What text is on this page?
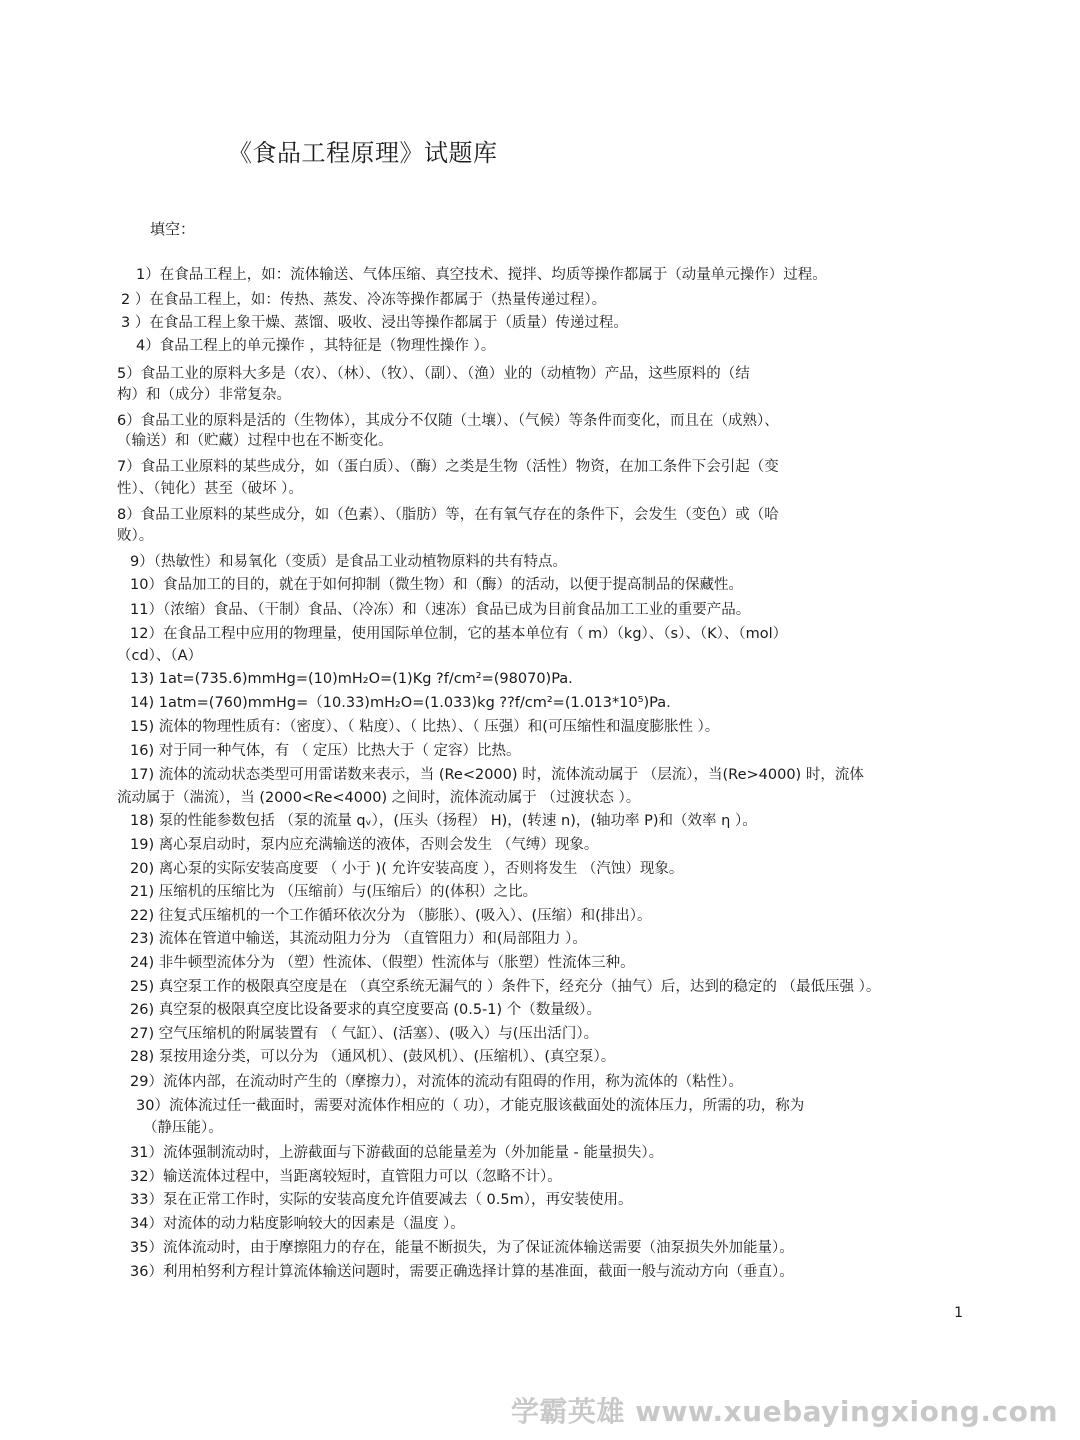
《食品工程原理》试题库
填空：
1）在食品工程上，如：流体输送、气体压缩、真空技术、搅拌、均质等操作都属于（动量单元操作）过程。
2 ）在食品工程上，如：传热、蒸发、冷冻等操作都属于（热量传递过程）。
3 ）在食品工程上象干燥、蒸馏、吸收、浸出等操作都属于（质量）传递过程。
4）食品工程上的单元操作 ，其特征是（物理性操作 ）。
5）食品工业的原料大多是（农）、（林）、（牧）、（副）、（渔）业的（动植物）产品，这些原料的（结
构）和（成分）非常复杂。
6）食品工业的原料是活的（生物体），其成分不仅随（土壤）、（气候）等条件而变化，而且在（成熟）、
（输送）和（贮藏）过程中也在不断变化。
7）食品工业原料的某些成分，如（蛋白质）、（酶）之类是生物（活性）物资，在加工条件下会引起（变
性）、（钝化）甚至（破坏 ）。
8）食品工业原料的某些成分，如（色素）、（脂肪）等，在有氧气存在的条件下，会发生（变色）或（哈
败）。
9）（热敏性）和易氧化（变质）是食品工业动植物原料的共有特点。
10）食品加工的目的，就在于如何抑制（微生物）和（酶）的活动，以便于提高制品的保藏性。
11）（浓缩）食品、（干制）食品、（冷冻）和（速冻）食品已成为目前食品加工工业的重要产品。
12）在食品工程中应用的物理量，使用国际单位制，它的基本单位有（ m）（kg）、（s）、（K）、（mol）
（cd）、（A）
13) 1at=(735.6)mmHg=(10)mH₂O=(1)Kg ?f/cm²=(98070)Pa.
14) 1atm=(760)mmHg=（10.33)mH₂O=(1.033)kg ??f/cm²=(1.013*10⁵)Pa.
15) 流体的物理性质有：（密度）、（ 粘度）、（ 比热）、（ 压强）和(可压缩性和温度膨胀性 ）。
16) 对于同一种气体，有 （ 定压）比热大于（ 定容）比热。
17) 流体的流动状态类型可用雷诺数来表示，当 (Re<2000) 时，流体流动属于 （层流），当(Re>4000) 时，流体
流动属于（湍流），当 (2000<Re<4000) 之间时，流体流动属于 （过渡状态 ）。
18) 泵的性能参数包括 （泵的流量 qᵥ），(压头（扬程） H)，(转速 n)，(轴功率 P)和（效率 η ）。
19) 离心泵启动时，泵内应充满输送的液体，否则会发生 （气缚）现象。
20) 离心泵的实际安装高度要 （ 小于 )( 允许安装高度 ），否则将发生 （汽蚀）现象。
21) 压缩机的压缩比为 （压缩前）与(压缩后）的(体积）之比。
22) 往复式压缩机的一个工作循环依次分为 （膨胀）、(吸入）、(压缩）和(排出）。
23) 流体在管道中输送，其流动阻力分为 （直管阻力）和(局部阻力 ）。
24) 非牛顿型流体分为 （塑）性流体、（假塑）性流体与（胀塑）性流体三种。
25) 真空泵工作的极限真空度是在 （真空系统无漏气的 ）条件下，经充分（抽气）后，达到的稳定的 （最低压强 ）。
26) 真空泵的极限真空度比设备要求的真空度要高 (0.5-1) 个（数量级）。
27) 空气压缩机的附属装置有 （ 气缸）、(活塞）、(吸入）与(压出活门）。
28) 泵按用途分类，可以分为 （通风机）、(鼓风机）、(压缩机）、(真空泵）。
29）流体内部，在流动时产生的（摩擦力），对流体的流动有阻碍的作用，称为流体的（粘性）。
30）流体流过任一截面时，需要对流体作相应的（ 功），才能克服该截面处的流体压力，所需的功，称为
（静压能）。
31）流体强制流动时，上游截面与下游截面的总能量差为（外加能量 - 能量损失）。
32）输送流体过程中，当距离较短时，直管阻力可以（忽略不计）。
33）泵在正常工作时，实际的安装高度允许值要减去（ 0.5m），再安装使用。
34）对流体的动力粘度影响较大的因素是（温度 ）。
35）流体流动时，由于摩擦阻力的存在，能量不断损失，为了保证流体输送需要（油泵损失外加能量）。
36）利用柏努利方程计算流体输送问题时，需要正确选择计算的基准面，截面一般与流动方向（垂直）。
1
学霸英雄 www.xuebayingxiong.com
